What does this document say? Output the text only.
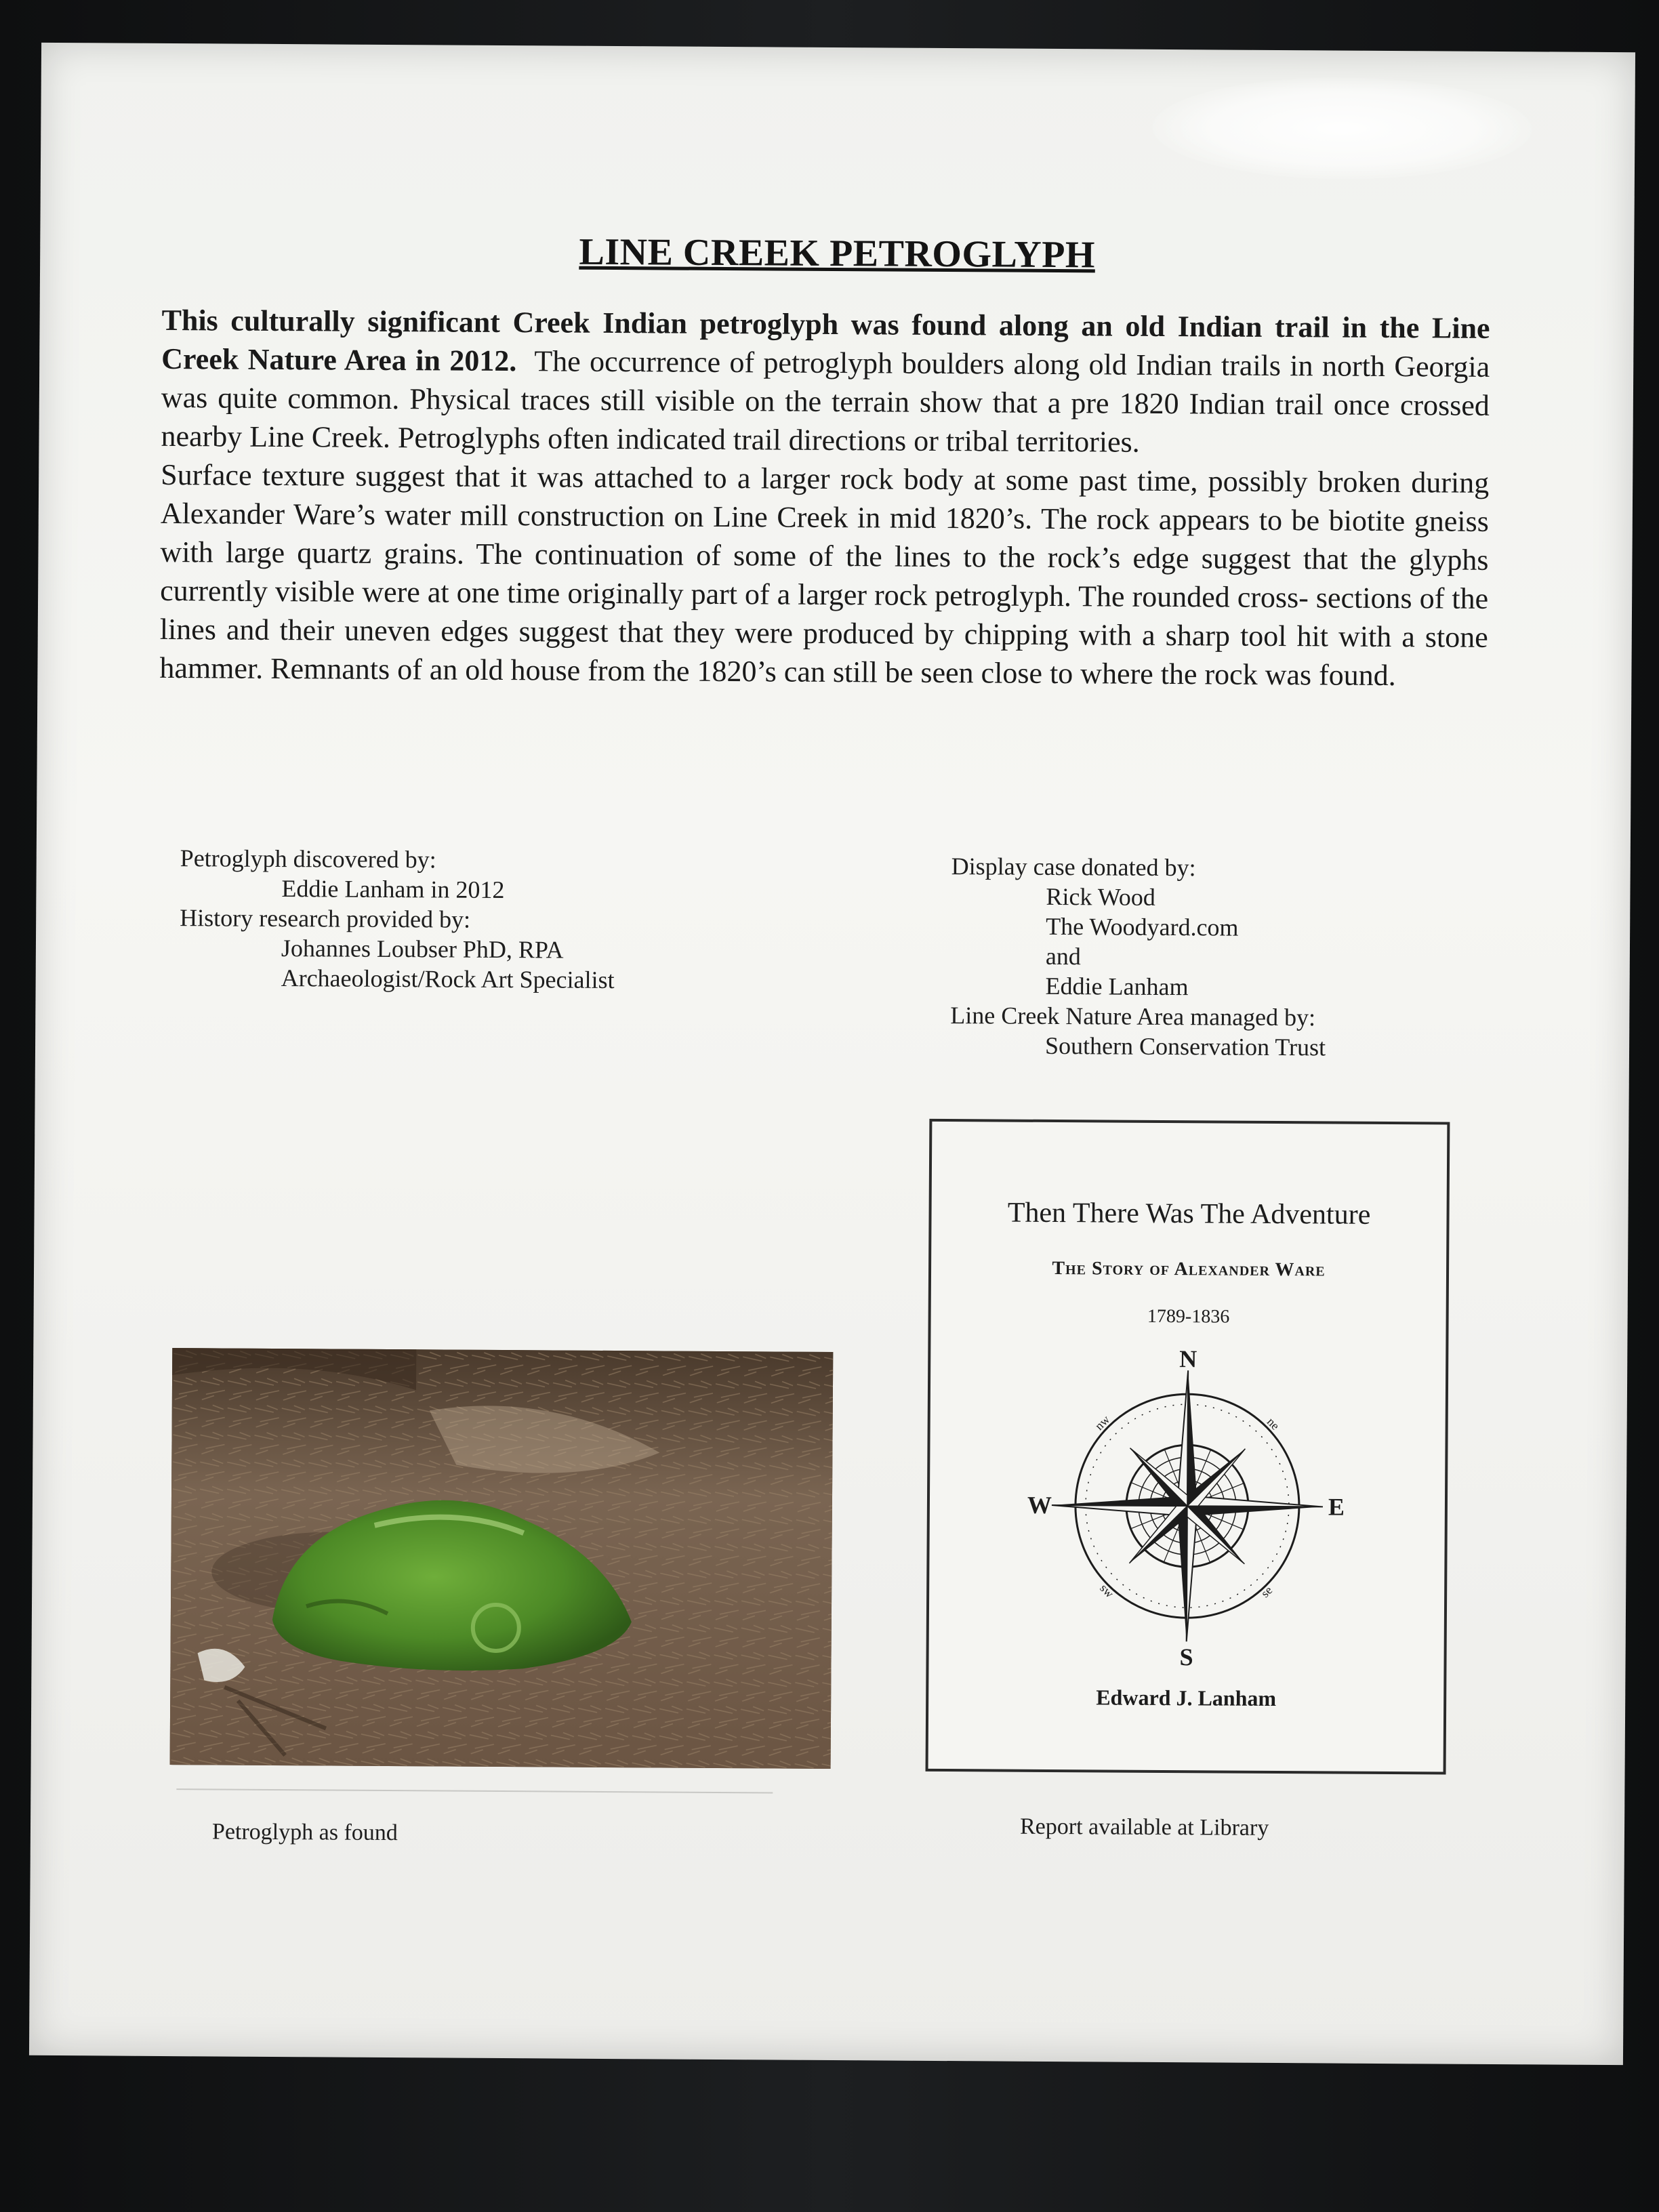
LINE CREEK PETROGLYPH

This culturally significant Creek Indian petroglyph was found along an old Indian trail in the Line Creek Nature Area in 2012. The occurrence of petroglyph boulders along old Indian trails in north Georgia was quite common. Physical traces still visible on the terrain show that a pre 1820 Indian trail once crossed nearby Line Creek. Petroglyphs often indicated trail directions or tribal territories.

Surface texture suggest that it was attached to a larger rock body at some past time, possibly broken during Alexander Ware’s water mill construction on Line Creek in mid 1820’s. The rock appears to be biotite gneiss with large quartz grains. The continuation of some of the lines to the rock’s edge suggest that the glyphs currently visible were at one time originally part of a larger rock petroglyph. The rounded cross- sections of the lines and their uneven edges suggest that they were produced by chipping with a sharp tool hit with a stone hammer. Remnants of an old house from the 1820’s can still be seen close to where the rock was found.

Petroglyph discovered by:
Eddie Lanham in 2012
History research provided by:
Johannes Loubser PhD, RPA
Archaeologist/Rock Art Specialist
Display case donated by:
Rick Wood
The Woodyard.com
and
Eddie Lanham
Line Creek Nature Area managed by:
Southern Conservation Trust
Petroglyph as found
Then There Was The Adventure
The Story of Alexander Ware
1789-1836
N
S
E
W
ne
nw
se
sw
Edward J. Lanham
Report available at Library
